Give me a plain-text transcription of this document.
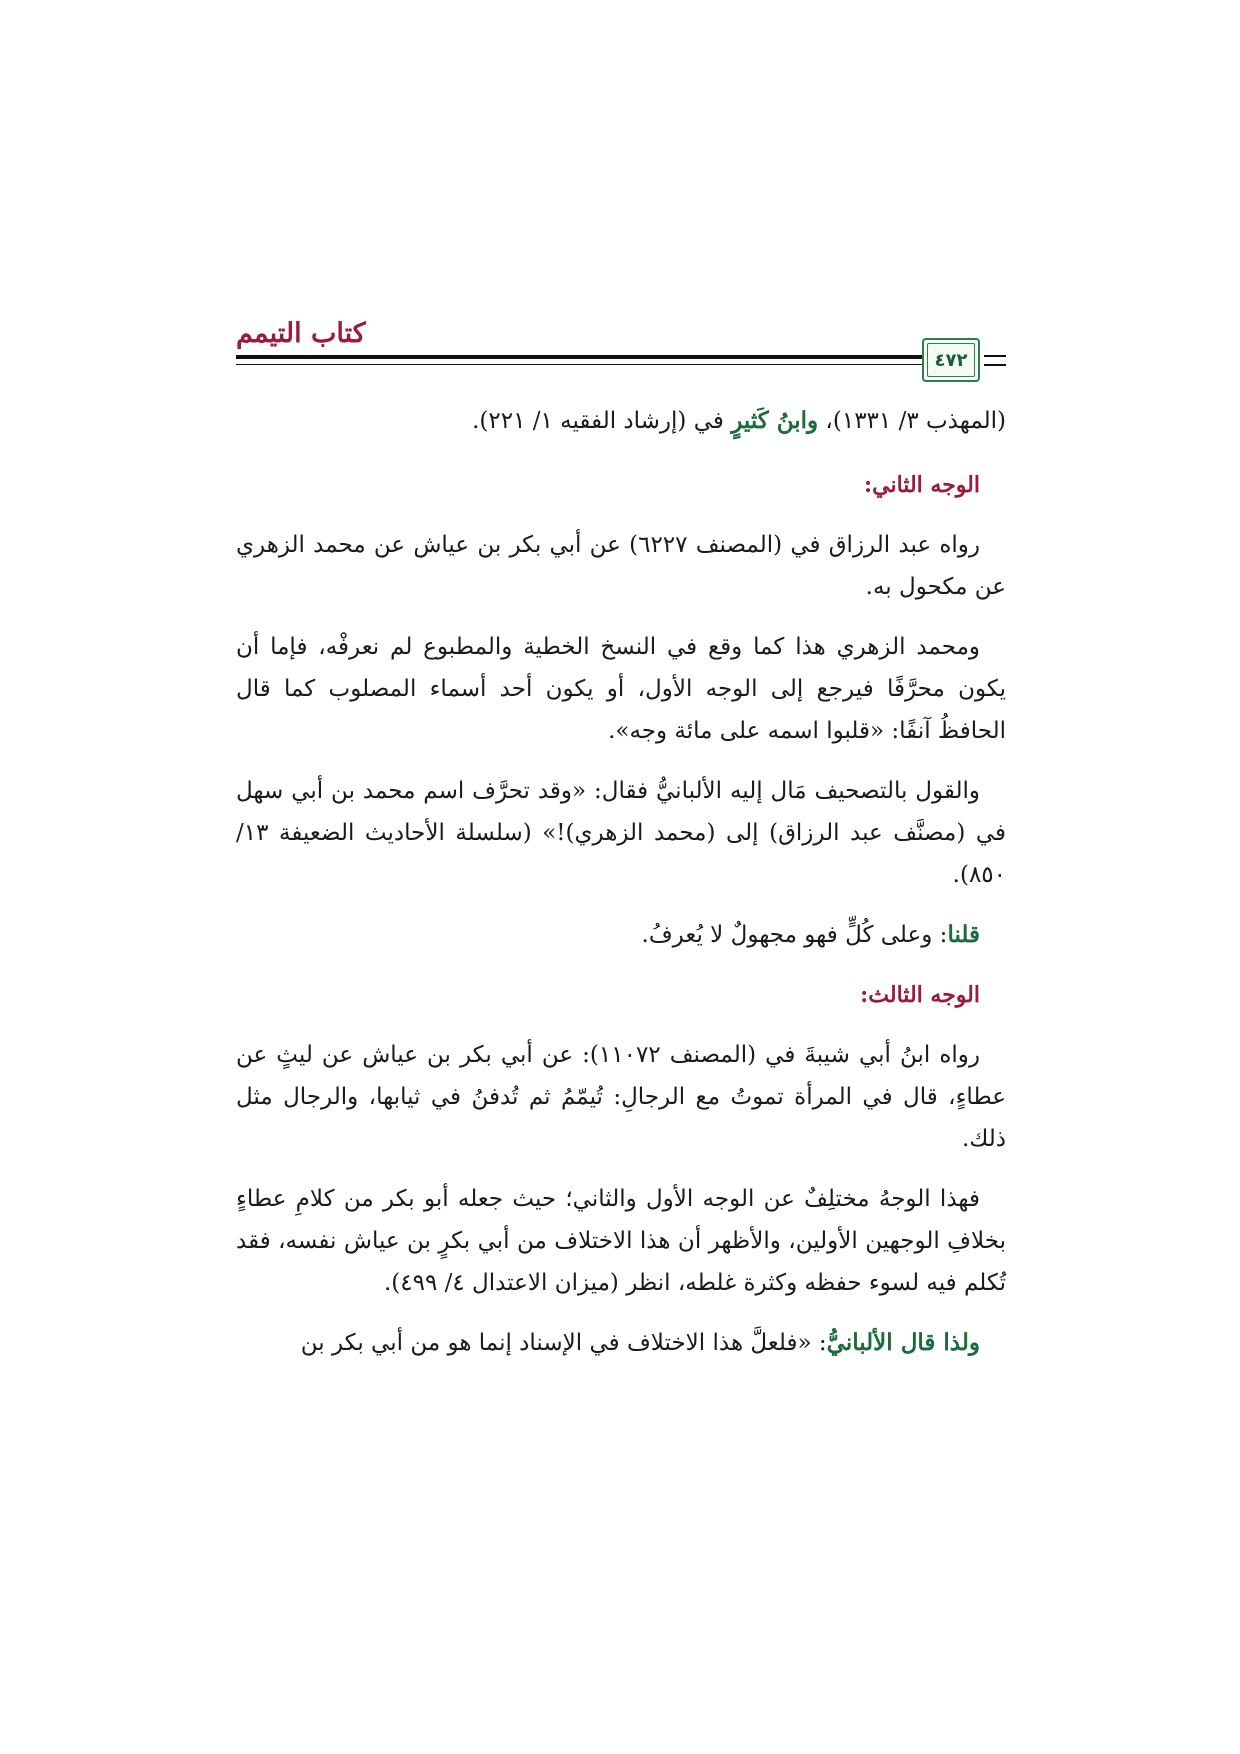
كتاب التيمم
٤٧٢

(المهذب ٣/ ١٣٣١)، وابنُ كَثيرٍ في (إرشاد الفقيه ١/ ٢٢١).

الوجه الثاني:

رواه عبد الرزاق في (المصنف ٦٢٢٧) عن أبي بكر بن عياش عن محمد الزهري عن مكحول به.

ومحمد الزهري هذا كما وقع في النسخ الخطية والمطبوع لم نعرفْه، فإما أن يكون محرَّفًا فيرجع إلى الوجه الأول، أو يكون أحد أسماء المصلوب كما قال الحافظُ آنفًا: «قلبوا اسمه على مائة وجه».

والقول بالتصحيف مَال إليه الألبانيُّ فقال: «وقد تحرَّف اسم محمد بن أبي سهل في (مصنَّف عبد الرزاق) إلى (محمد الزهري)!» (سلسلة الأحاديث الضعيفة ١٣/ ٨٥٠).

قلنا: وعلى كُلٍّ فهو مجهولٌ لا يُعرفُ.

الوجه الثالث:

رواه ابنُ أبي شيبةَ في (المصنف ١١٠٧٢): عن أبي بكر بن عياش عن ليثٍ عن عطاءٍ، قال في المرأة تموتُ مع الرجالِ: تُيمّمُ ثم تُدفنُ في ثيابها، والرجال مثل ذلك.

فهذا الوجهُ مختلِفٌ عن الوجه الأول والثاني؛ حيث جعله أبو بكر من كلامِ عطاءٍ بخلافِ الوجهين الأولين، والأظهر أن هذا الاختلاف من أبي بكرٍ بن عياش نفسه، فقد تُكلم فيه لسوء حفظه وكثرة غلطه، انظر (ميزان الاعتدال ٤/ ٤٩٩).

ولذا قال الألبانيُّ: «فلعلَّ هذا الاختلاف في الإسناد إنما هو من أبي بكر بن
